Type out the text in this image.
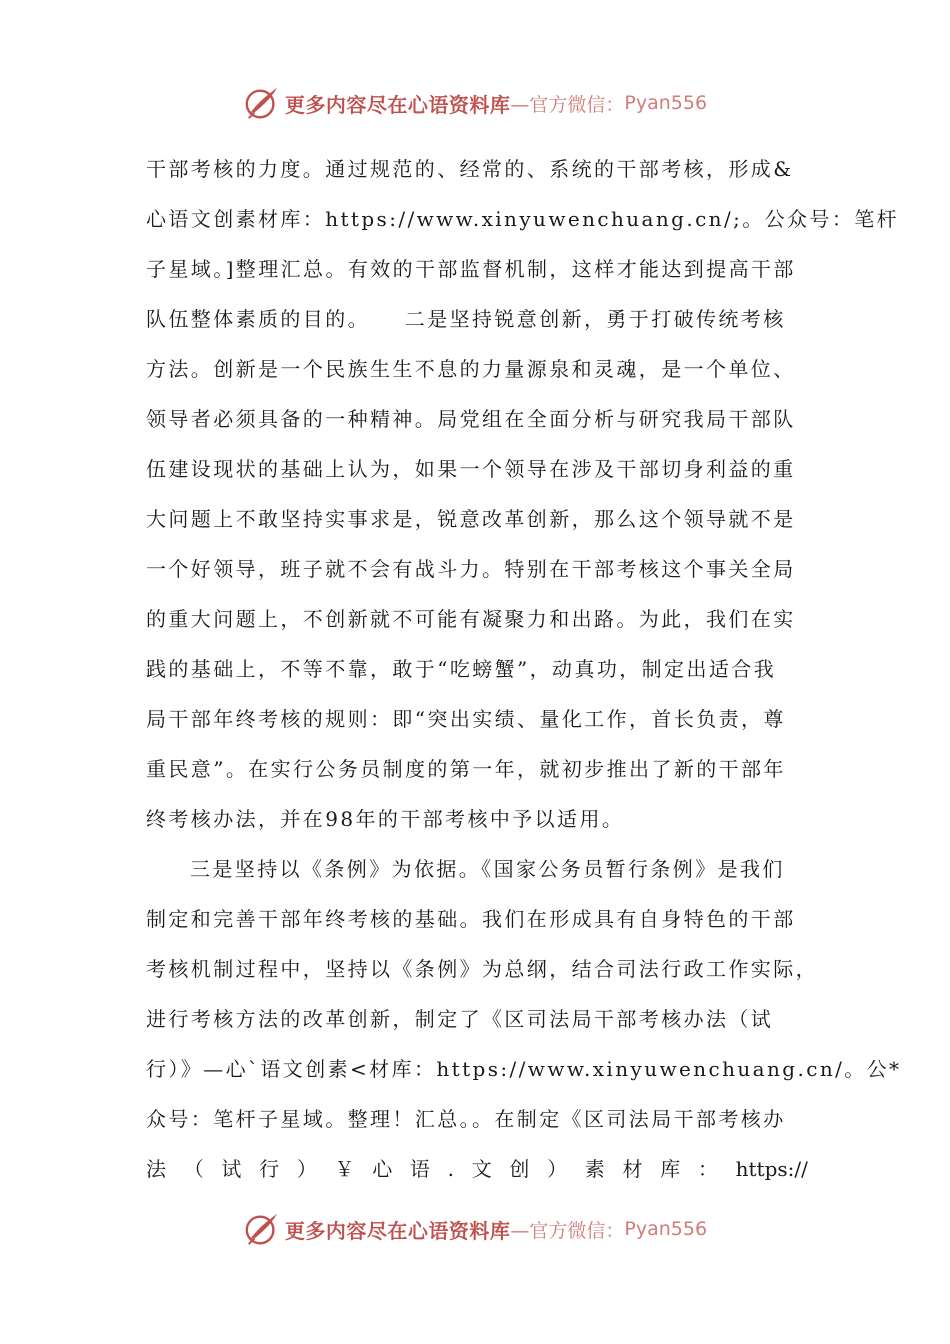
更多内容尽在心语资料库 —官方微信： Pyan556
干部考核的力度。通过规范的、经常的、系统的干部考核，形成&
心语文创素材库：https://www.xinyuwenchuang.cn/;。公众号：笔杆
子星域。]整理汇总。有效的干部监督机制，这样才能达到提高干部
队伍整体素质的目的。　　二是坚持锐意创新，勇于打破传统考核
方法。创新是一个民族生生不息的力量源泉和灵魂，是一个单位、
领导者必须具备的一种精神。局党组在全面分析与研究我局干部队
伍建设现状的基础上认为，如果一个领导在涉及干部切身利益的重
大问题上不敢坚持实事求是，锐意改革创新，那么这个领导就不是
一个好领导，班子就不会有战斗力。特别在干部考核这个事关全局
的重大问题上，不创新就不可能有凝聚力和出路。为此，我们在实
践的基础上，不等不靠，敢于“吃螃蟹”，动真功，制定出适合我
局干部年终考核的规则：即“突出实绩、量化工作，首长负责，尊
重民意”。在实行公务员制度的第一年，就初步推出了新的干部年
终考核办法，并在98年的干部考核中予以适用。
三是坚持以《条例》为依据。《国家公务员暂行条例》是我们
制定和完善干部年终考核的基础。我们在形成具有自身特色的干部
考核机制过程中，坚持以《条例》为总纲，结合司法行政工作实际，
进行考核方法的改革创新，制定了《区司法局干部考核办法（试
行）》—心`语文创素<材库：https://www.xinyuwenchuang.cn/。公*
众号：笔杆子星域。整理！汇总。。在制定《区司法局干部考核办
法 （ 试 行 ） ￥ 心 语 . 文 创 ） 素 材 库 ： https://
更多内容尽在心语资料库 —官方微信： Pyan556
